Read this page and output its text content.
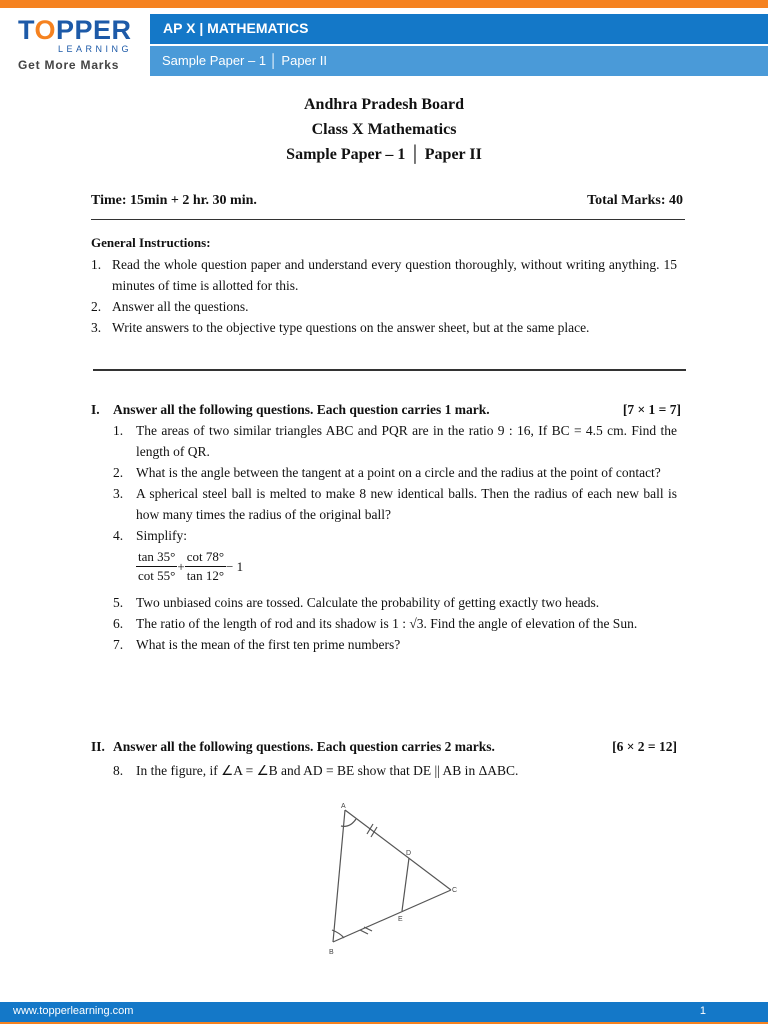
TOPPER
LEARNING
Get More Marks
AP X | MATHEMATICS
Sample Paper – 1 │ Paper II
Andhra Pradesh Board
Class X Mathematics
Sample Paper – 1 │ Paper II
Time: 15min + 2 hr. 30 min.	Total Marks: 40
General Instructions:
1. Read the whole question paper and understand every question thoroughly, without writing anything. 15 minutes of time is allotted for this.
2. Answer all the questions.
3. Write answers to the objective type questions on the answer sheet, but at the same place.
I. Answer all the following questions. Each question carries 1 mark.	[7 × 1 = 7]
1. The areas of two similar triangles ABC and PQR are in the ratio 9 : 16, If BC = 4.5 cm. Find the length of QR.
2. What is the angle between the tangent at a point on a circle and the radius at the point of contact?
3. A spherical steel ball is melted to make 8 new identical balls. Then the radius of each new ball is how many times the radius of the original ball?
4. Simplify:
$\frac{\tan 35^\circ}{\cot 55^\circ} + \frac{\cot 78^\circ}{\tan 12^\circ} - 1$
5. Two unbiased coins are tossed. Calculate the probability of getting exactly two heads.
6. The ratio of the length of rod and its shadow is 1 : √3. Find the angle of elevation of the Sun.
7. What is the mean of the first ten prime numbers?
II. Answer all the following questions. Each question carries 2 marks.	[6 × 2 = 12]
8. In the figure, if ∠A = ∠B and AD = BE show that DE || AB in ΔABC.
A
B
C
D
E
www.topperlearning.com	1
